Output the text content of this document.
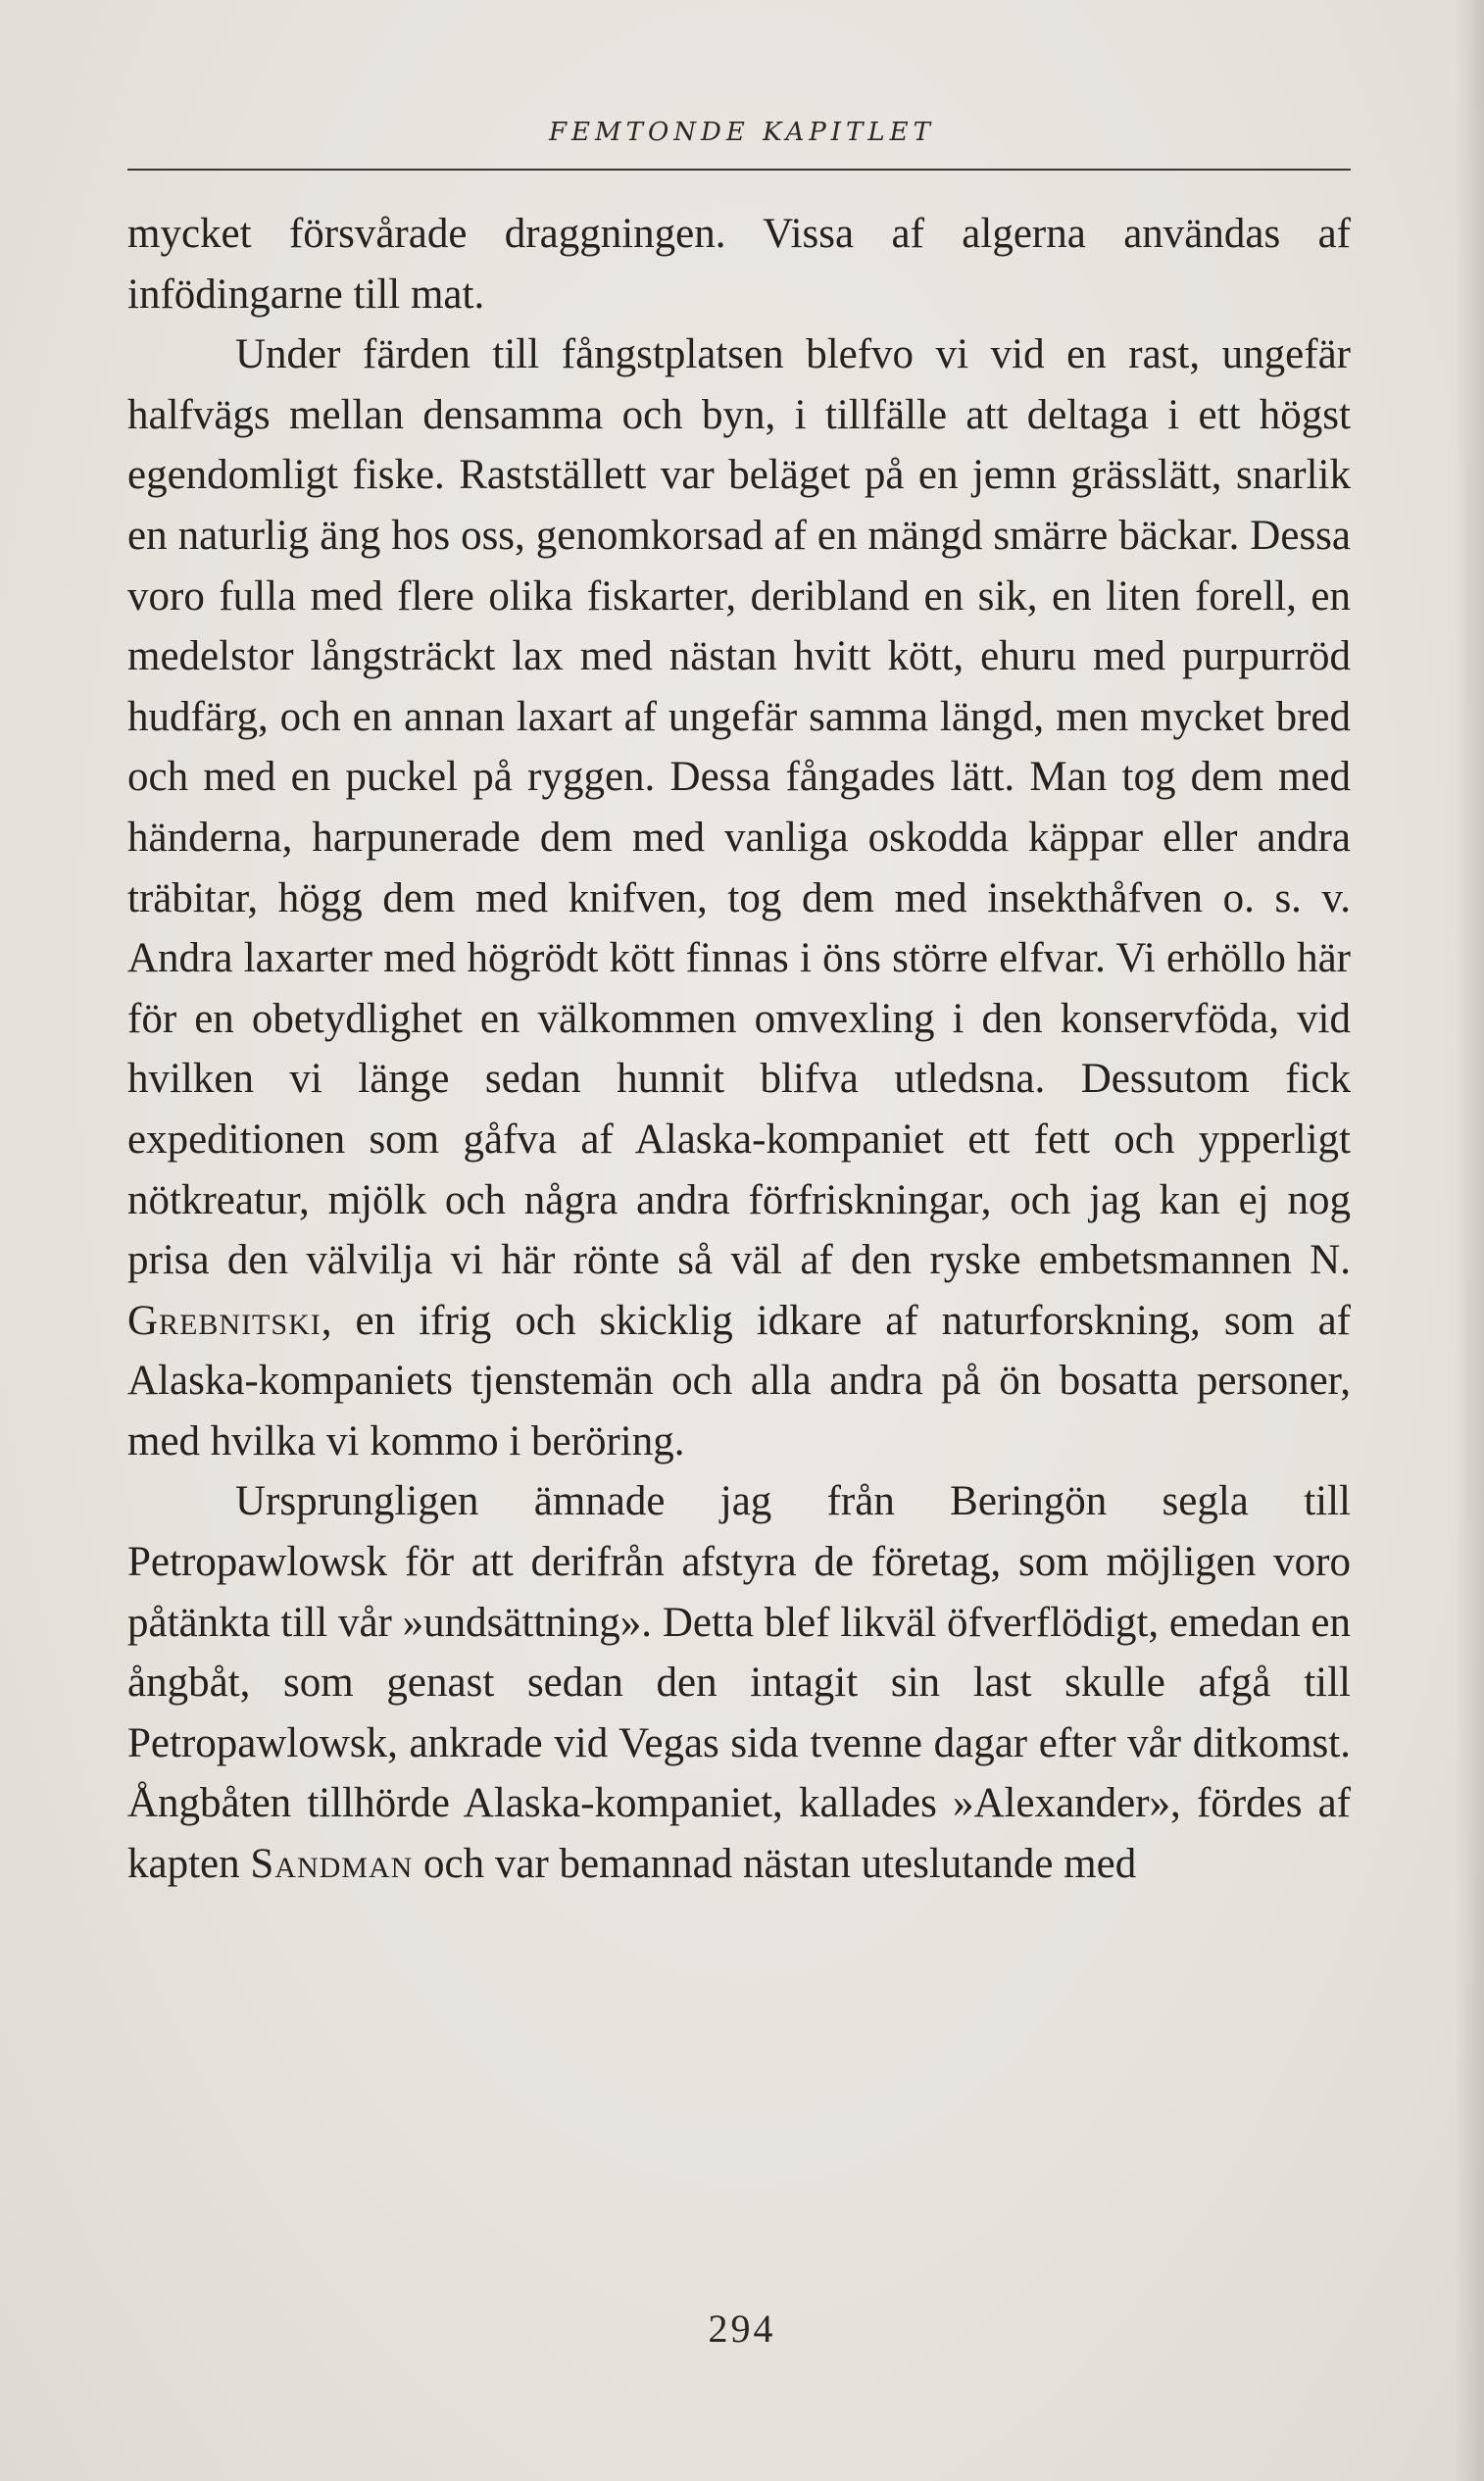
FEMTONDE KAPITLET

mycket försvårade draggningen. Vissa af algerna användas af infödingarne till mat.

Under färden till fångstplatsen blefvo vi vid en rast, ungefär halfvägs mellan densamma och byn, i tillfälle att deltaga i ett högst egendomligt fiske. Rastställett var beläget på en jemn grässlätt, snarlik en naturlig äng hos oss, genomkorsad af en mängd smärre bäckar. Dessa voro fulla med flere olika fiskarter, deribland en sik, en liten forell, en medelstor långsträckt lax med nästan hvitt kött, ehuru med purpurröd hudfärg, och en annan laxart af ungefär samma längd, men mycket bred och med en puckel på ryggen. Dessa fångades lätt. Man tog dem med händerna, harpunerade dem med vanliga oskodda käppar eller andra träbitar, högg dem med knifven, tog dem med insekthåfven o. s. v. Andra laxarter med högrödt kött finnas i öns större elfvar. Vi erhöllo här för en obetydlighet en välkommen omvexling i den konservföda, vid hvilken vi länge sedan hunnit blifva utledsna. Dessutom fick expeditionen som gåfva af Alaska-kompaniet ett fett och ypperligt nötkreatur, mjölk och några andra förfriskningar, och jag kan ej nog prisa den välvilja vi här rönte så väl af den ryske embetsmannen N. Grebnitski, en ifrig och skicklig idkare af naturforskning, som af Alaska-kompaniets tjenstemän och alla andra på ön bosatta personer, med hvilka vi kommo i beröring.

Ursprungligen ämnade jag från Beringön segla till Petropawlowsk för att derifrån afstyra de företag, som möjligen voro påtänkta till vår »undsättning». Detta blef likväl öfverflödigt, emedan en ångbåt, som genast sedan den intagit sin last skulle afgå till Petropawlowsk, ankrade vid Vegas sida tvenne dagar efter vår ditkomst. Ångbåten tillhörde Alaska-kompaniet, kallades »Alexander», fördes af kapten Sandman och var bemannad nästan uteslutande med

294
